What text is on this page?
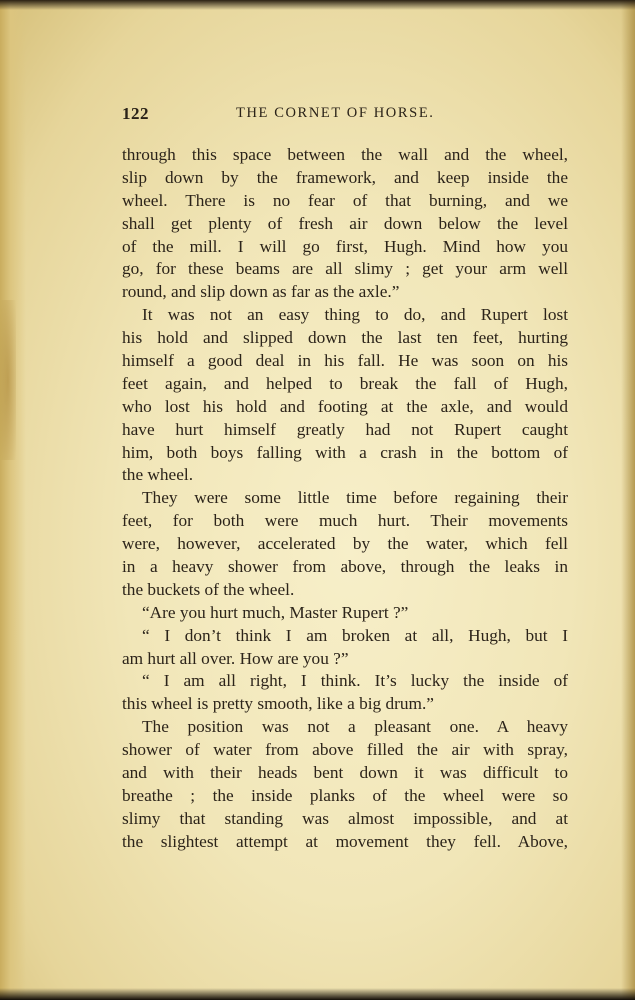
122	THE CORNET OF HORSE.
through this space between the wall and the wheel,
slip down by the framework, and keep inside the
wheel. There is no fear of that burning, and we
shall get plenty of fresh air down below the level
of the mill. I will go first, Hugh. Mind how you
go, for these beams are all slimy ; get your arm well
round, and slip down as far as the axle.”
It was not an easy thing to do, and Rupert lost
his hold and slipped down the last ten feet, hurting
himself a good deal in his fall. He was soon on his
feet again, and helped to break the fall of Hugh,
who lost his hold and footing at the axle, and would
have hurt himself greatly had not Rupert caught
him, both boys falling with a crash in the bottom of
the wheel.
They were some little time before regaining their
feet, for both were much hurt. Their movements
were, however, accelerated by the water, which fell
in a heavy shower from above, through the leaks in
the buckets of the wheel.
“Are you hurt much, Master Rupert ?”
“ I don’t think I am broken at all, Hugh, but I
am hurt all over. How are you ?”
“ I am all right, I think. It’s lucky the inside of
this wheel is pretty smooth, like a big drum.”
The position was not a pleasant one. A heavy
shower of water from above filled the air with spray,
and with their heads bent down it was difficult to
breathe ; the inside planks of the wheel were so
slimy that standing was almost impossible, and at
the slightest attempt at movement they fell. Above,
